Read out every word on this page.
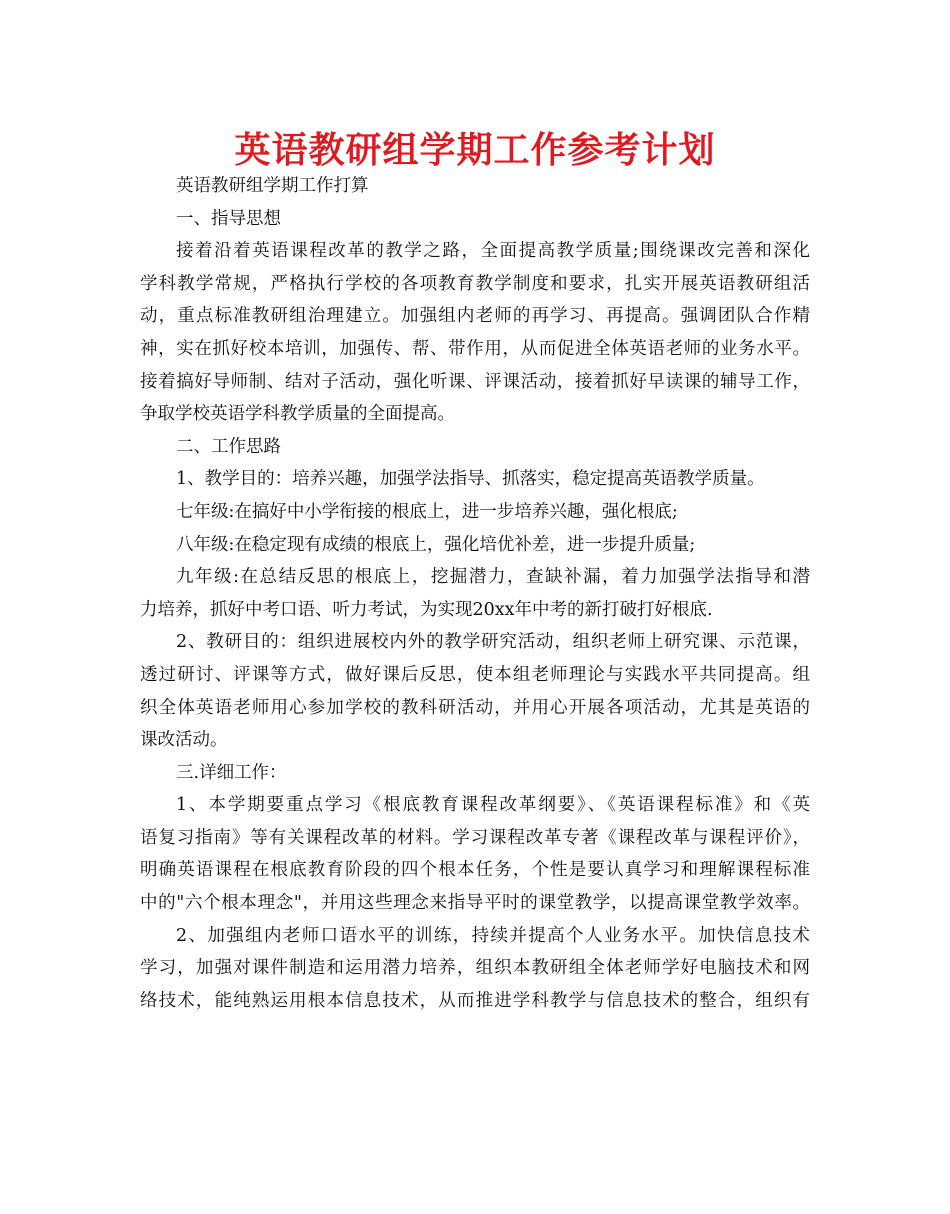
英语教研组学期工作参考计划
英语教研组学期工作打算
一、指导思想
接着沿着英语课程改革的教学之路，全面提高教学质量;围绕课改完善和深化
学科教学常规，严格执行学校的各项教育教学制度和要求，扎实开展英语教研组活
动，重点标准教研组治理建立。加强组内老师的再学习、再提高。强调团队合作精
神，实在抓好校本培训，加强传、帮、带作用，从而促进全体英语老师的业务水平。
接着搞好导师制、结对子活动，强化听课、评课活动，接着抓好早读课的辅导工作，
争取学校英语学科教学质量的全面提高。
二、工作思路
1、教学目的：培养兴趣，加强学法指导、抓落实，稳定提高英语教学质量。
七年级:在搞好中小学衔接的根底上，进一步培养兴趣，强化根底;
八年级:在稳定现有成绩的根底上，强化培优补差，进一步提升质量;
九年级:在总结反思的根底上，挖掘潜力，查缺补漏，着力加强学法指导和潜
力培养，抓好中考口语、听力考试，为实现20xx年中考的新打破打好根底.
2、教研目的：组织进展校内外的教学研究活动，组织老师上研究课、示范课，
透过研讨、评课等方式，做好课后反思，使本组老师理论与实践水平共同提高。组
织全体英语老师用心参加学校的教科研活动，并用心开展各项活动，尤其是英语的
课改活动。
三.详细工作：
1、本学期要重点学习《根底教育课程改革纲要》、《英语课程标准》和《英
语复习指南》等有关课程改革的材料。学习课程改革专著《课程改革与课程评价》，
明确英语课程在根底教育阶段的四个根本任务，个性是要认真学习和理解课程标准
中的"六个根本理念"，并用这些理念来指导平时的课堂教学，以提高课堂教学效率。
2、加强组内老师口语水平的训练，持续并提高个人业务水平。加快信息技术
学习，加强对课件制造和运用潜力培养，组织本教研组全体老师学好电脑技术和网
络技术，能纯熟运用根本信息技术，从而推进学科教学与信息技术的整合，组织有
